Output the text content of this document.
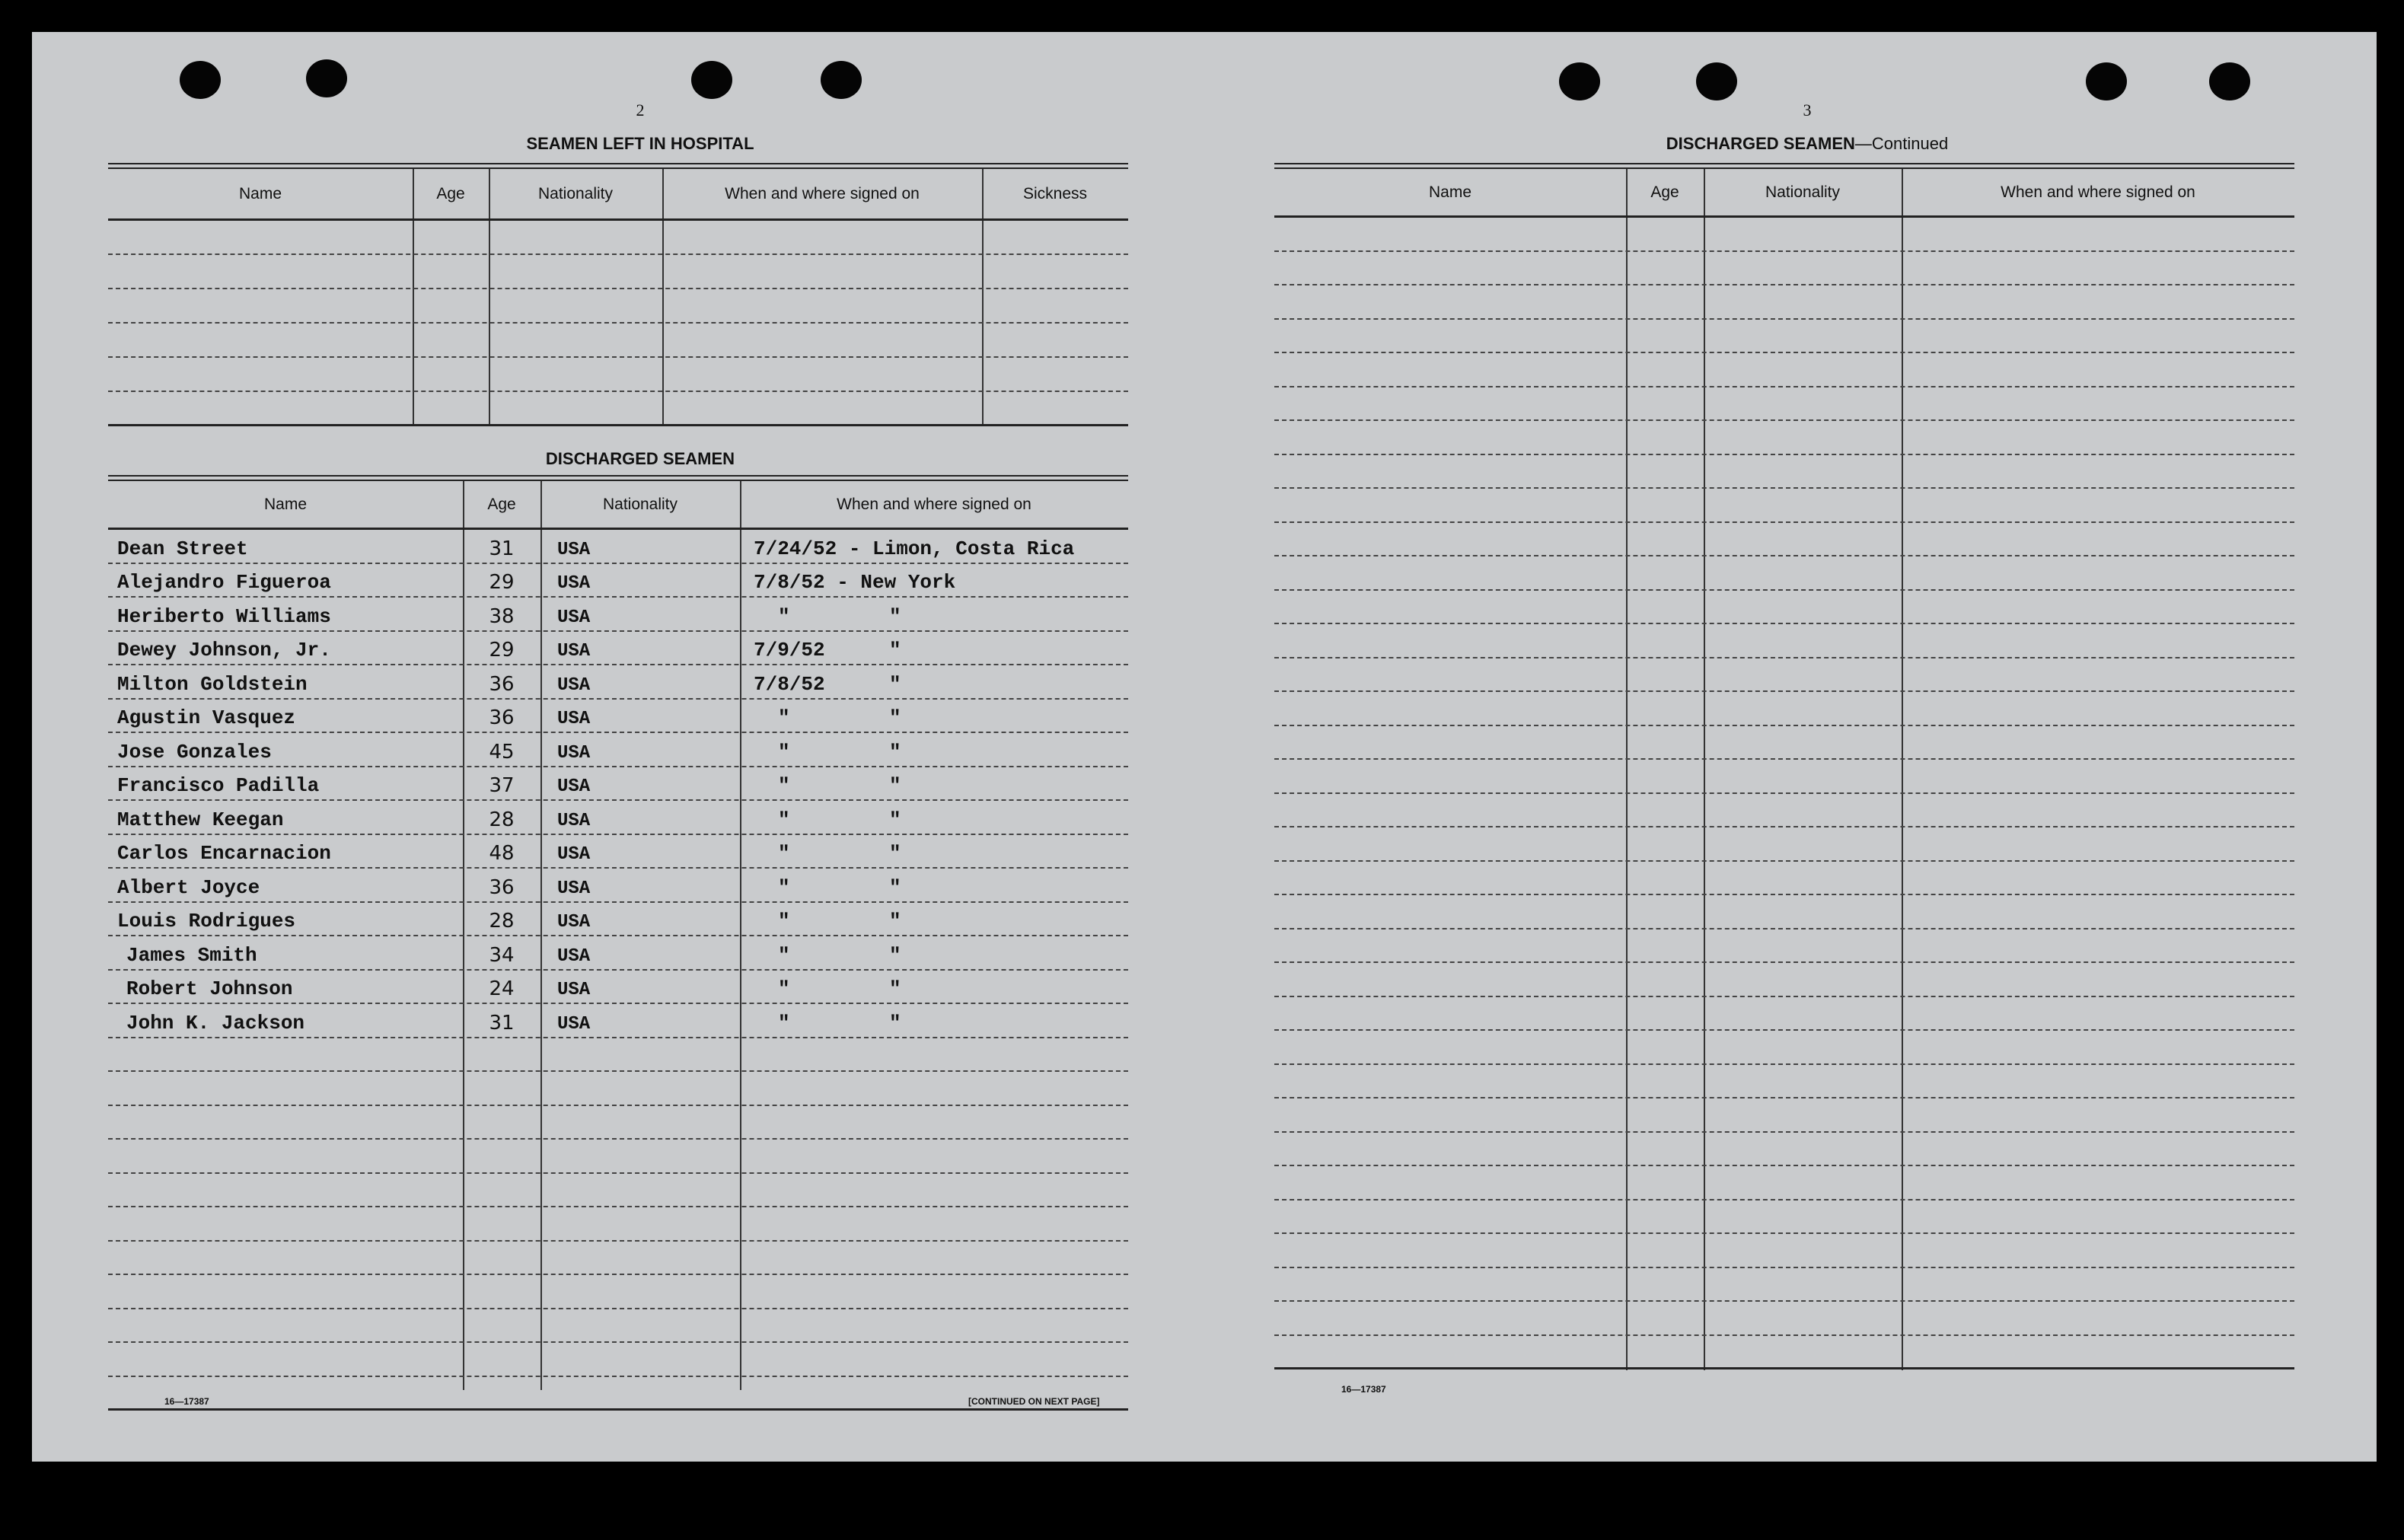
2
SEAMEN LEFT IN HOSPITAL
Name	Age	Nationality	When and where signed on	Sickness
DISCHARGED SEAMEN
Name	Age	Nationality	When and where signed on
Dean Street	31	USA	7/24/52 - Limon, Costa Rica
Alejandro Figueroa	29	USA	7/8/52 - New York
Heriberto Williams	38	USA	"	"
Dewey Johnson, Jr.	29	USA	7/9/52	"
Milton Goldstein	36	USA	7/8/52	"
Agustin Vasquez	36	USA	"	"
Jose Gonzales	45	USA	"	"
Francisco Padilla	37	USA	"	"
Matthew Keegan	28	USA	"	"
Carlos Encarnacion	48	USA	"	"
Albert Joyce	36	USA	"	"
Louis Rodrigues	28	USA	"	"
James Smith	34	USA	"	"
Robert Johnson	24	USA	"	"
John K. Jackson	31	USA	"	"
16—17387	[CONTINUED ON NEXT PAGE]
3
DISCHARGED SEAMEN—Continued
Name	Age	Nationality	When and where signed on
16—17387
